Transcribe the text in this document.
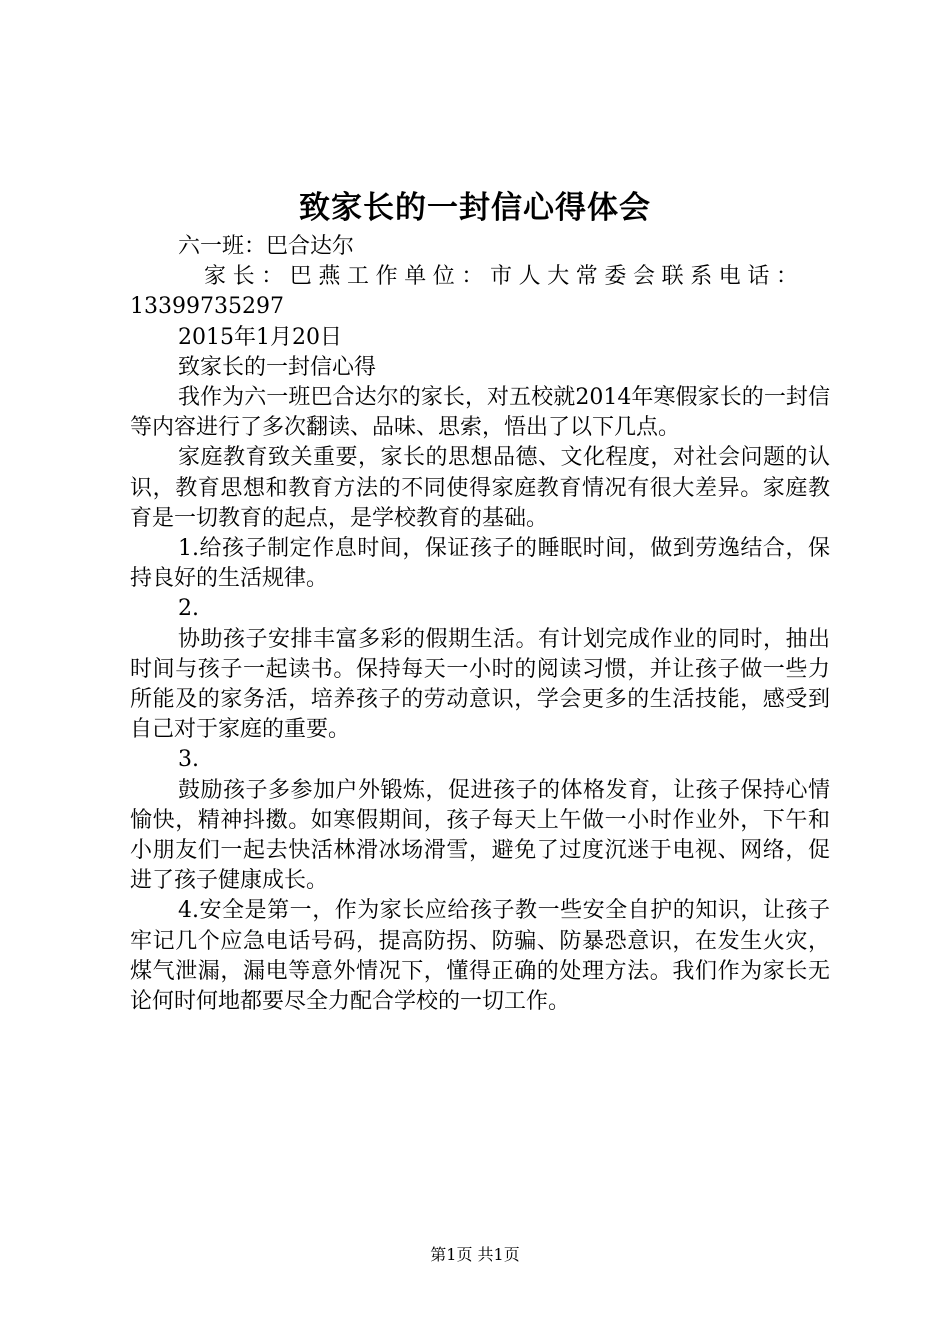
致家长的一封信心得体会

六一班：巴合达尔

家长：巴燕工作单位：市人大常委会联系电话：

13399735297

2015年1月20日

致家长的一封信心得

我作为六一班巴合达尔的家长，对五校就2014年寒假家长的一封信等内容进行了多次翻读、品味、思索，悟出了以下几点。

家庭教育致关重要，家长的思想品德、文化程度，对社会问题的认识，教育思想和教育方法的不同使得家庭教育情况有很大差异。家庭教育是一切教育的起点，是学校教育的基础。

1.给孩子制定作息时间，保证孩子的睡眠时间，做到劳逸结合，保持良好的生活规律。

2.

协助孩子安排丰富多彩的假期生活。有计划完成作业的同时，抽出时间与孩子一起读书。保持每天一小时的阅读习惯，并让孩子做一些力所能及的家务活，培养孩子的劳动意识，学会更多的生活技能，感受到自己对于家庭的重要。

3.

鼓励孩子多参加户外锻炼，促进孩子的体格发育，让孩子保持心情愉快，精神抖擞。如寒假期间，孩子每天上午做一小时作业外，下午和小朋友们一起去快活林滑冰场滑雪，避免了过度沉迷于电视、网络，促进了孩子健康成长。

4.安全是第一，作为家长应给孩子教一些安全自护的知识，让孩子牢记几个应急电话号码，提高防拐、防骗、防暴恐意识，在发生火灾，煤气泄漏，漏电等意外情况下，懂得正确的处理方法。我们作为家长无论何时何地都要尽全力配合学校的一切工作。

第1页 共1页
